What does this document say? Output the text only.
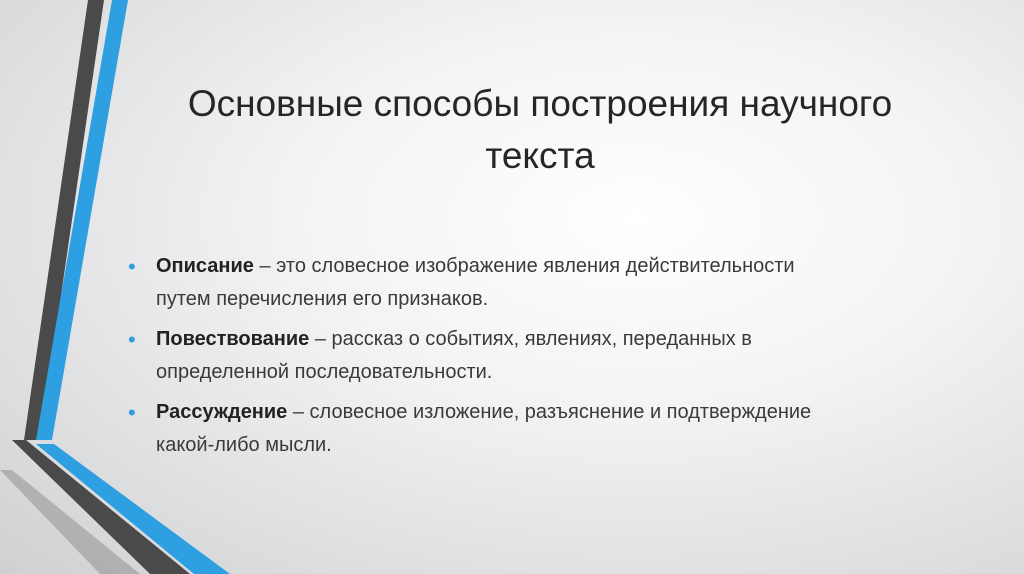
Основные способы построения научного
текста
• Описание – это словесное изображение явления действительности
путем перечисления его признаков.
• Повествование – рассказ о событиях, явлениях, переданных в
определенной последовательности.
• Рассуждение – словесное изложение, разъяснение и подтверждение
какой-либо мысли.
